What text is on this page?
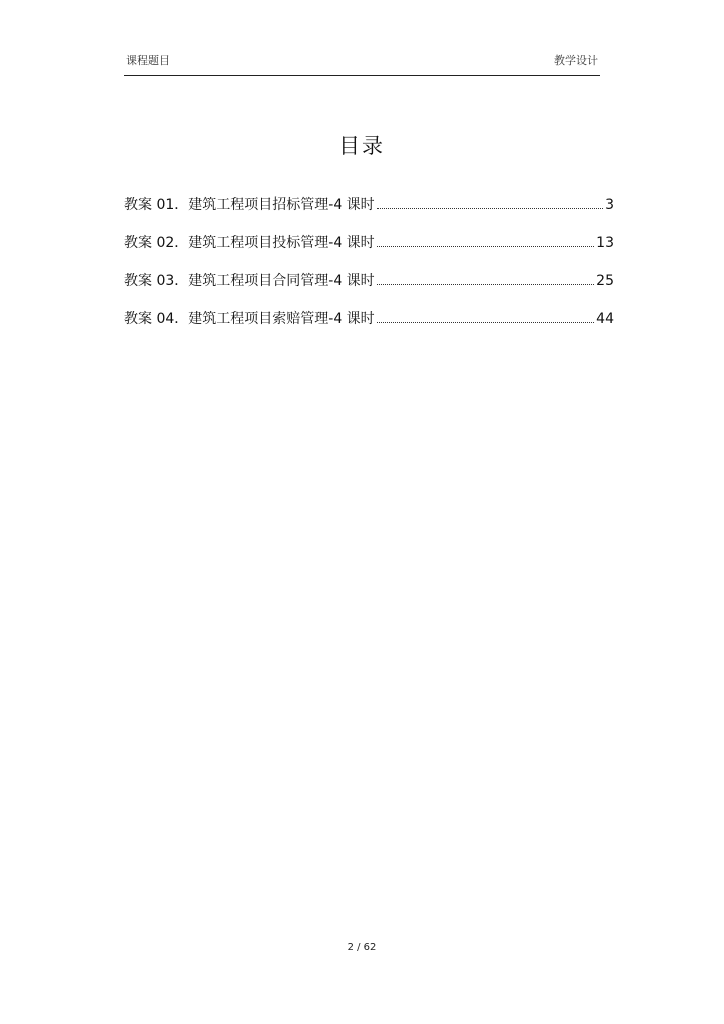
课程题目	教学设计
目录
教案 01．建筑工程项目招标管理-4 课时	3
教案 02．建筑工程项目投标管理-4 课时	13
教案 03．建筑工程项目合同管理-4 课时	25
教案 04．建筑工程项目索赔管理-4 课时	44
2 / 62
